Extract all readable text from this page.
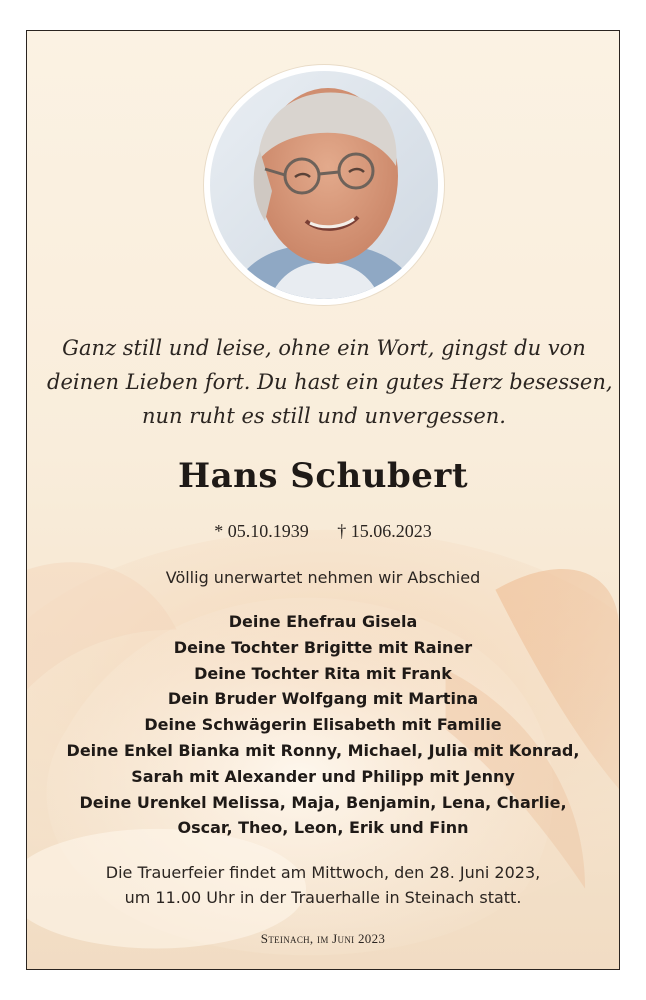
Ganz still und leise, ohne ein Wort, gingst du von
deinen Lieben fort. Du hast ein gutes Herz besessen,
nun ruht es still und unvergessen.
Hans Schubert
* 05.10.1939 † 15.06.2023
Völlig unerwartet nehmen wir Abschied
Deine Ehefrau Gisela
Deine Tochter Brigitte mit Rainer
Deine Tochter Rita mit Frank
Dein Bruder Wolfgang mit Martina
Deine Schwägerin Elisabeth mit Familie
Deine Enkel Bianka mit Ronny, Michael, Julia mit Konrad,
Sarah mit Alexander und Philipp mit Jenny
Deine Urenkel Melissa, Maja, Benjamin, Lena, Charlie,
Oscar, Theo, Leon, Erik und Finn
Die Trauerfeier findet am Mittwoch, den 28. Juni 2023,
um 11.00 Uhr in der Trauerhalle in Steinach statt.
Steinach, im Juni 2023
